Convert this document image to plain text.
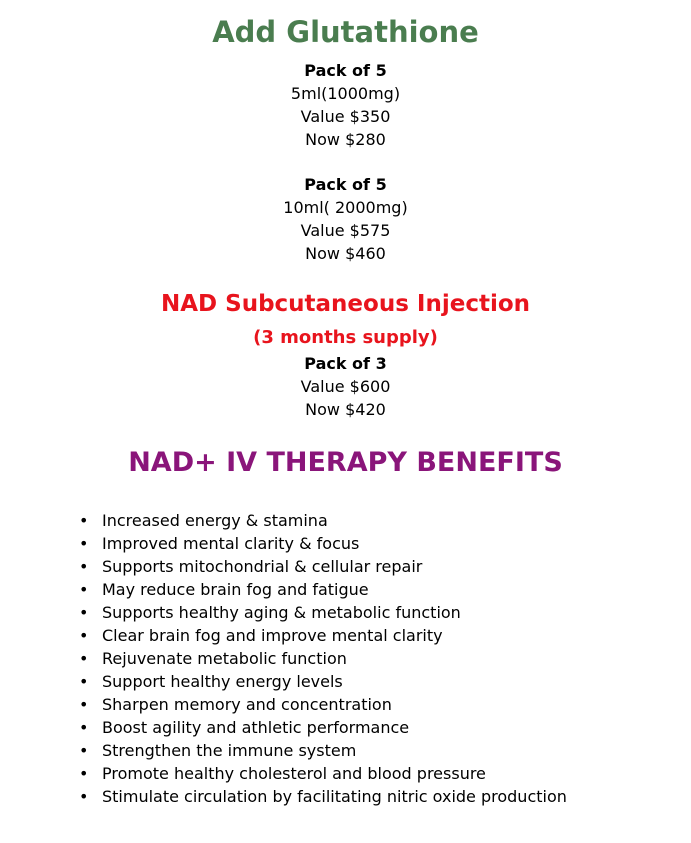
Add Glutathione
Pack of 5
5ml(1000mg)
Value $350
Now $280
Pack of 5
10ml( 2000mg)
Value $575
Now $460
NAD Subcutaneous Injection
(3 months supply)
Pack of 3
Value $600
Now $420
NAD+ IV THERAPY BENEFITS
• Increased energy & stamina
• Improved mental clarity & focus
• Supports mitochondrial & cellular repair
• May reduce brain fog and fatigue
• Supports healthy aging & metabolic function
• Clear brain fog and improve mental clarity
• Rejuvenate metabolic function
• Support healthy energy levels
• Sharpen memory and concentration
• Boost agility and athletic performance
• Strengthen the immune system
• Promote healthy cholesterol and blood pressure
• Stimulate circulation by facilitating nitric oxide production
